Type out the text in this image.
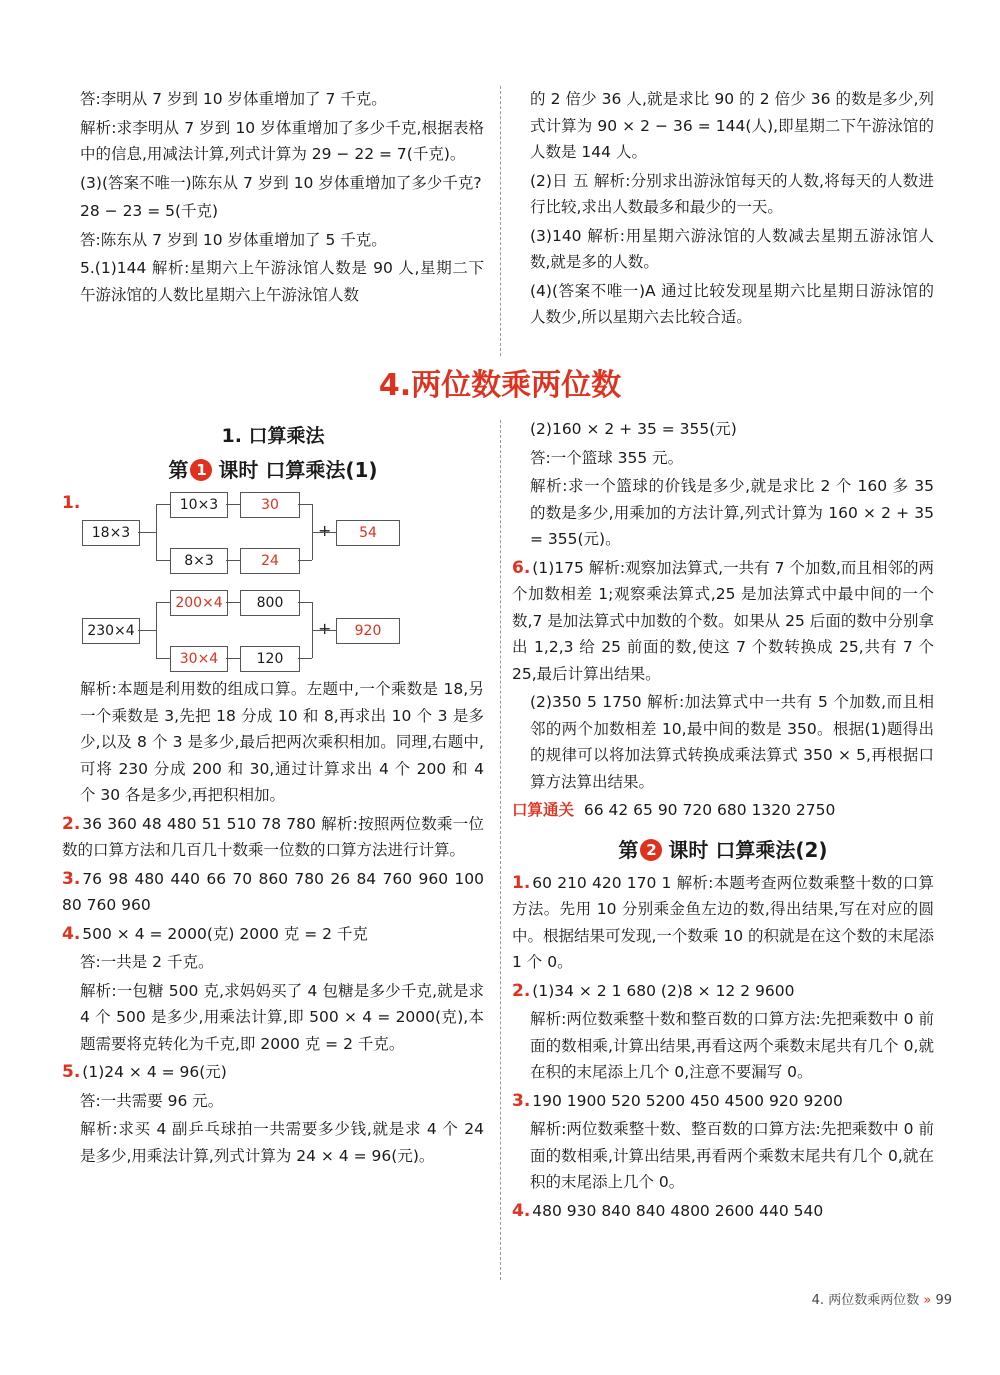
答:李明从 7 岁到 10 岁体重增加了 7 千克。

解析:求李明从 7 岁到 10 岁体重增加了多少千克,根据表格中的信息,用减法计算,列式计算为 29 − 22 = 7(千克)。

(3)(答案不唯一)陈东从 7 岁到 10 岁体重增加了多少千克?

28 − 23 = 5(千克)

答:陈东从 7 岁到 10 岁体重增加了 5 千克。

5.(1)144 解析:星期六上午游泳馆人数是 90 人,星期二下午游泳馆的人数比星期六上午游泳馆人数

的 2 倍少 36 人,就是求比 90 的 2 倍少 36 的数是多少,列式计算为 90 × 2 − 36 = 144(人),即星期二下午游泳馆的人数是 144 人。

(2)日 五 解析:分别求出游泳馆每天的人数,将每天的人数进行比较,求出人数最多和最少的一天。

(3)140 解析:用星期六游泳馆的人数减去星期五游泳馆人数,就是多的人数。

(4)(答案不唯一)A 通过比较发现星期六比星期日游泳馆的人数少,所以星期六去比较合适。

4.两位数乘两位数

1. 口算乘法

第 1 课时 口算乘法(1)

1.
18×3
10×3	30
8×3	24
+	54
230×4
200×4	800
30×4	120
+	920

解析:本题是利用数的组成口算。左题中,一个乘数是 18,另一个乘数是 3,先把 18 分成 10 和 8,再求出 10 个 3 是多少,以及 8 个 3 是多少,最后把两次乘积相加。同理,右题中,可将 230 分成 200 和 30,通过计算求出 4 个 200 和 4 个 30 各是多少,再把积相加。

2. 36 360 48 480 51 510 78 780 解析:按照两位数乘一位数的口算方法和几百几十数乘一位数的口算方法进行计算。

3. 76 98 480 440 66 70 860 780 26 84 760 960 100 80 760 960

4. 500 × 4 = 2000(克) 2000 克 = 2 千克

答:一共是 2 千克。

解析:一包糖 500 克,求妈妈买了 4 包糖是多少千克,就是求 4 个 500 是多少,用乘法计算,即 500 × 4 = 2000(克),本题需要将克转化为千克,即 2000 克 = 2 千克。

5. (1)24 × 4 = 96(元)

答:一共需要 96 元。

解析:求买 4 副乒乓球拍一共需要多少钱,就是求 4 个 24 是多少,用乘法计算,列式计算为 24 × 4 = 96(元)。

(2)160 × 2 + 35 = 355(元)

答:一个篮球 355 元。

解析:求一个篮球的价钱是多少,就是求比 2 个 160 多 35 的数是多少,用乘加的方法计算,列式计算为 160 × 2 + 35 = 355(元)。

6. (1)175 解析:观察加法算式,一共有 7 个加数,而且相邻的两个加数相差 1;观察乘法算式,25 是加法算式中最中间的一个数,7 是加法算式中加数的个数。如果从 25 后面的数中分别拿出 1,2,3 给 25 前面的数,使这 7 个数转换成 25,共有 7 个 25,最后计算出结果。

(2)350 5 1750 解析:加法算式中一共有 5 个加数,而且相邻的两个加数相差 10,最中间的数是 350。根据(1)题得出的规律可以将加法算式转换成乘法算式 350 × 5,再根据口算方法算出结果。

口算通关 66 42 65 90 720 680 1320 2750

第 2 课时 口算乘法(2)

1. 60 210 420 170 1 解析:本题考查两位数乘整十数的口算方法。先用 10 分别乘金鱼左边的数,得出结果,写在对应的圆中。根据结果可发现,一个数乘 10 的积就是在这个数的末尾添 1 个 0。

2. (1)34 × 2 1 680 (2)8 × 12 2 9600

解析:两位数乘整十数和整百数的口算方法:先把乘数中 0 前面的数相乘,计算出结果,再看这两个乘数末尾共有几个 0,就在积的末尾添上几个 0,注意不要漏写 0。

3. 190 1900 520 5200 450 4500 920 9200

解析:两位数乘整十数、整百数的口算方法:先把乘数中 0 前面的数相乘,计算出结果,再看两个乘数末尾共有几个 0,就在积的末尾添上几个 0。

4. 480 930 840 840 4800 2600 440 540

4. 两位数乘两位数 » 99
